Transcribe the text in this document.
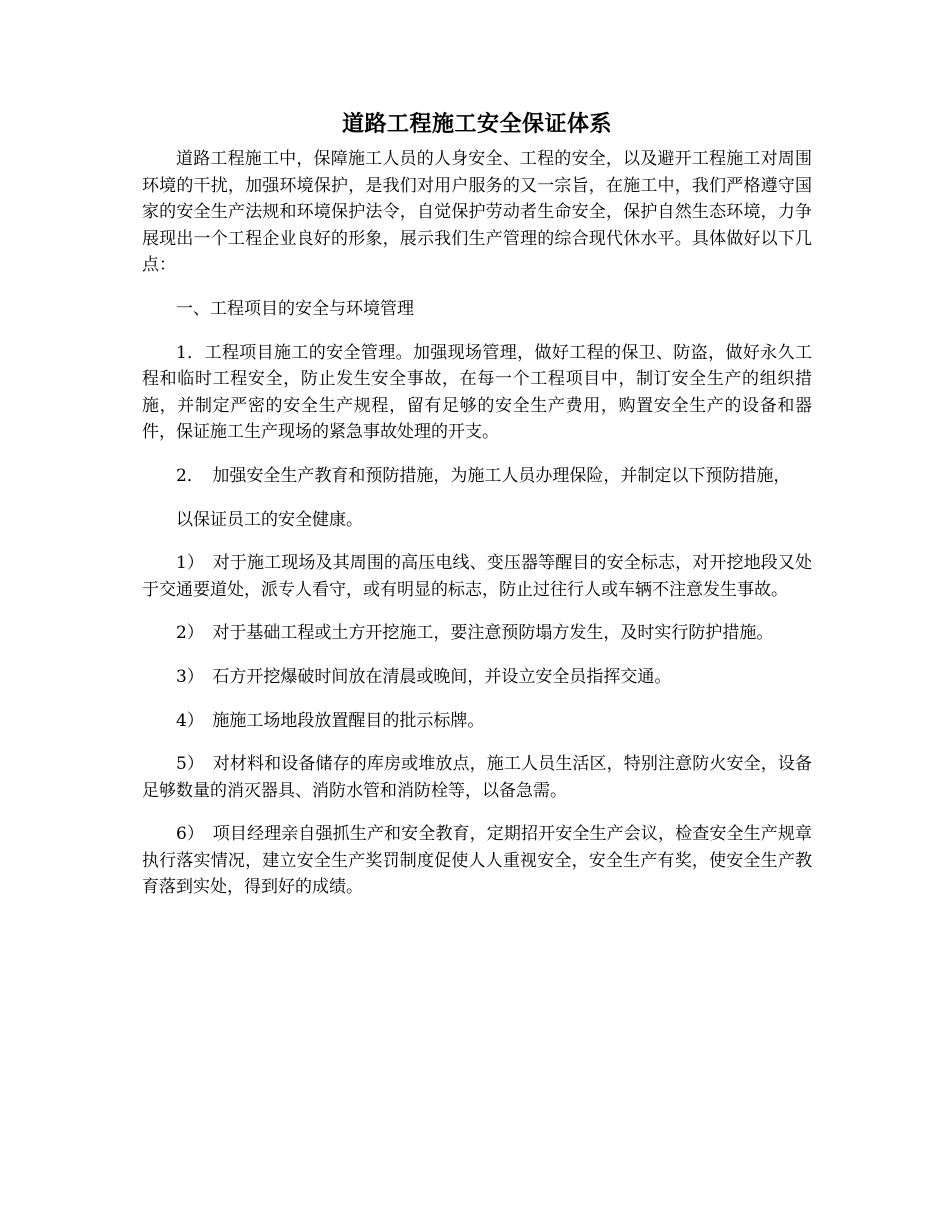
道路工程施工安全保证体系

道路工程施工中，保障施工人员的人身安全、工程的安全，以及避开工程施工对周围环境的干扰，加强环境保护，是我们对用户服务的又一宗旨，在施工中，我们严格遵守国家的安全生产法规和环境保护法令，自觉保护劳动者生命安全，保护自然生态环境，力争展现出一个工程企业良好的形象，展示我们生产管理的综合现代休水平。具体做好以下几点：

一、工程项目的安全与环境管理

1．工程项目施工的安全管理。加强现场管理，做好工程的保卫、防盗，做好永久工程和临时工程安全，防止发生安全事故，在每一个工程项目中，制订安全生产的组织措施，并制定严密的安全生产规程，留有足够的安全生产费用，购置安全生产的设备和器件，保证施工生产现场的紧急事故处理的开支。

2．　加强安全生产教育和预防措施，为施工人员办理保险，并制定以下预防措施，

以保证员工的安全健康。

1）　对于施工现场及其周围的高压电线、变压器等醒目的安全标志，对开挖地段又处于交通要道处，派专人看守，或有明显的标志，防止过往行人或车辆不注意发生事故。

2）　对于基础工程或土方开挖施工，要注意预防塌方发生，及时实行防护措施。

3）　石方开挖爆破时间放在清晨或晚间，并设立安全员指挥交通。

4）　施施工场地段放置醒目的批示标牌。

5）　对材料和设备储存的库房或堆放点，施工人员生活区，特别注意防火安全，设备足够数量的消灭器具、消防水管和消防栓等，以备急需。

6）　项目经理亲自强抓生产和安全教育，定期招开安全生产会议，检查安全生产规章执行落实情况，建立安全生产奖罚制度促使人人重视安全，安全生产有奖，使安全生产教育落到实处，得到好的成绩。
